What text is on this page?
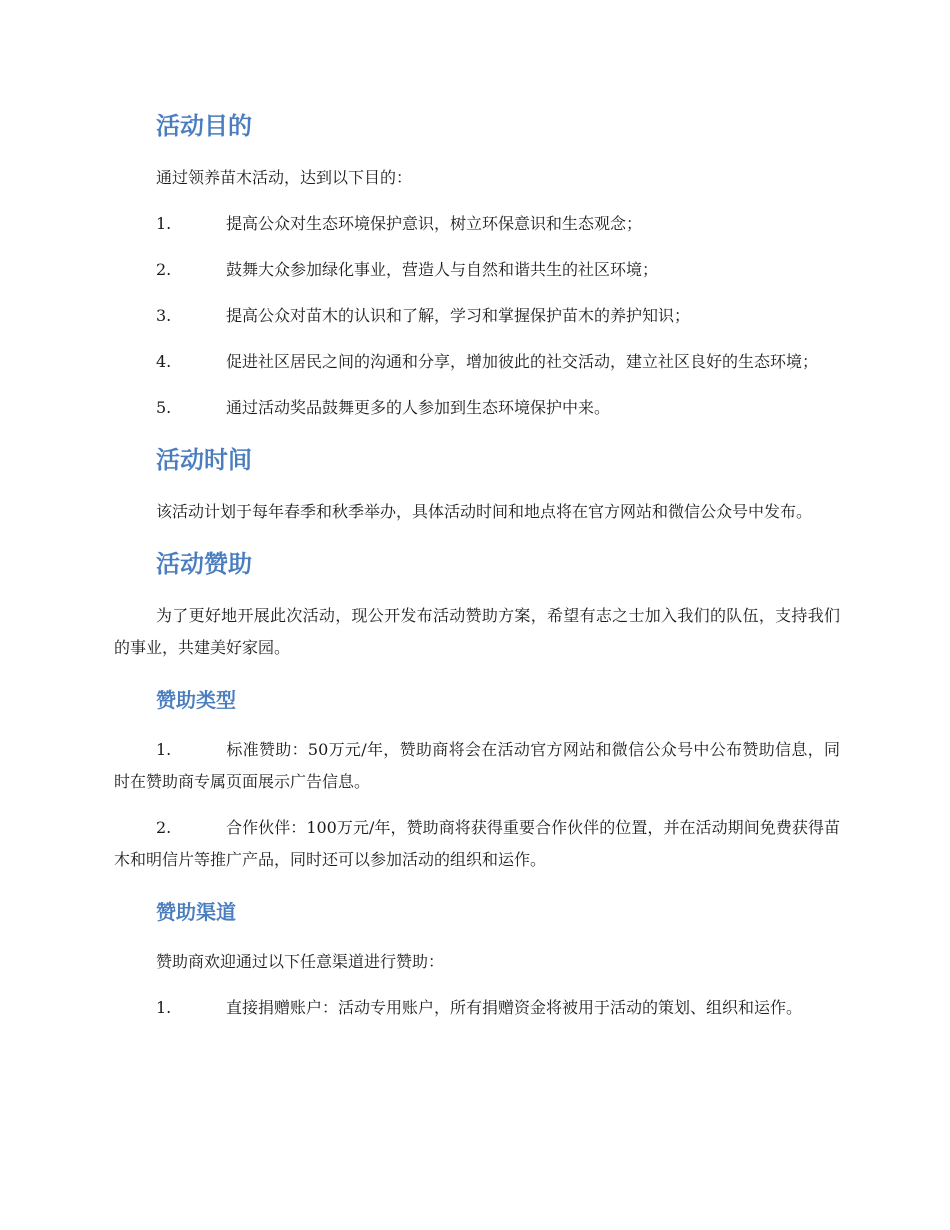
活动目的

通过领养苗木活动，达到以下目的：

1.	提高公众对生态环境保护意识，树立环保意识和生态观念；

2.	鼓舞大众参加绿化事业，营造人与自然和谐共生的社区环境；

3.	提高公众对苗木的认识和了解，学习和掌握保护苗木的养护知识；

4.	促进社区居民之间的沟通和分享，增加彼此的社交活动，建立社区良好的生态环境；

5.	通过活动奖品鼓舞更多的人参加到生态环境保护中来。

活动时间

该活动计划于每年春季和秋季举办，具体活动时间和地点将在官方网站和微信公众号中发布。

活动赞助

为了更好地开展此次活动，现公开发布活动赞助方案，希望有志之士加入我们的队伍，支持我们的事业，共建美好家园。

赞助类型

1.	标准赞助：50万元/年，赞助商将会在活动官方网站和微信公众号中公布赞助信息，同时在赞助商专属页面展示广告信息。

2.	合作伙伴：100万元/年，赞助商将获得重要合作伙伴的位置，并在活动期间免费获得苗木和明信片等推广产品，同时还可以参加活动的组织和运作。

赞助渠道

赞助商欢迎通过以下任意渠道进行赞助：

1.	直接捐赠账户：活动专用账户，所有捐赠资金将被用于活动的策划、组织和运作。
